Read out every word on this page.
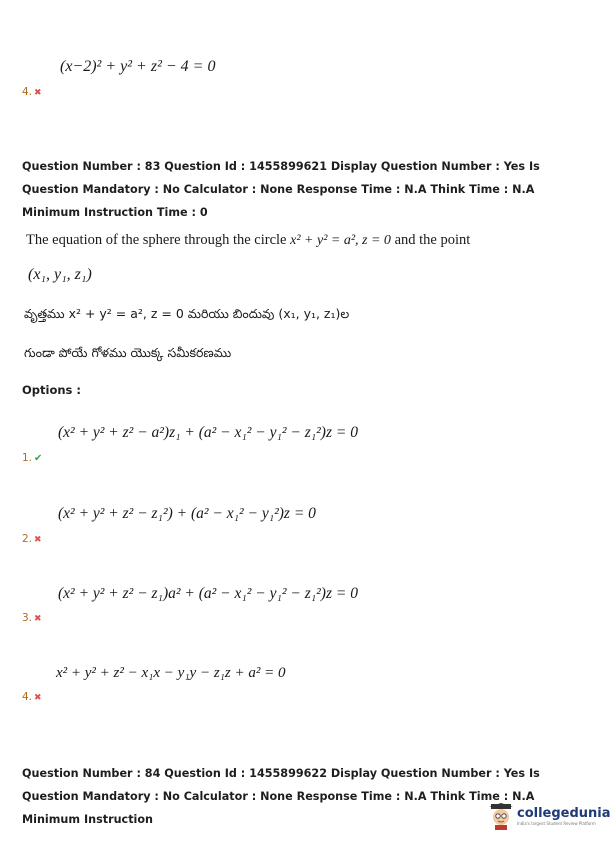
(x−2)² + y² + z² − 4 = 0
4. ✖
Question Number : 83 Question Id : 1455899621 Display Question Number : Yes Is Question Mandatory : No Calculator : None Response Time : N.A Think Time : N.A Minimum Instruction Time : 0
The equation of the sphere through the circle x² + y² = a², z = 0 and the point
(x₁, y₁, z₁)
వృత్తము x² + y² = a², z = 0 మరియు బిందువు (x₁, y₁, z₁)ల
గుండా పోయే గోళము యొక్క సమీకరణము
Options :
(x² + y² + z² − a²)z₁ + (a² − x₁² − y₁² − z₁²)z = 0
1. ✔
(x² + y² + z² − z₁²) + (a² − x₁² − y₁²)z = 0
2. ✖
(x² + y² + z² − z₁)a² + (a² − x₁² − y₁² − z₁²)z = 0
3. ✖
x² + y² + z² − x₁x − y₁y − z₁z + a² = 0
4. ✖
Question Number : 84 Question Id : 1455899622 Display Question Number : Yes Is Question Mandatory : No Calculator : None Response Time : N.A Think Time : N.A Minimum Instruction	collegedunia
India's largest Student Review Platform
